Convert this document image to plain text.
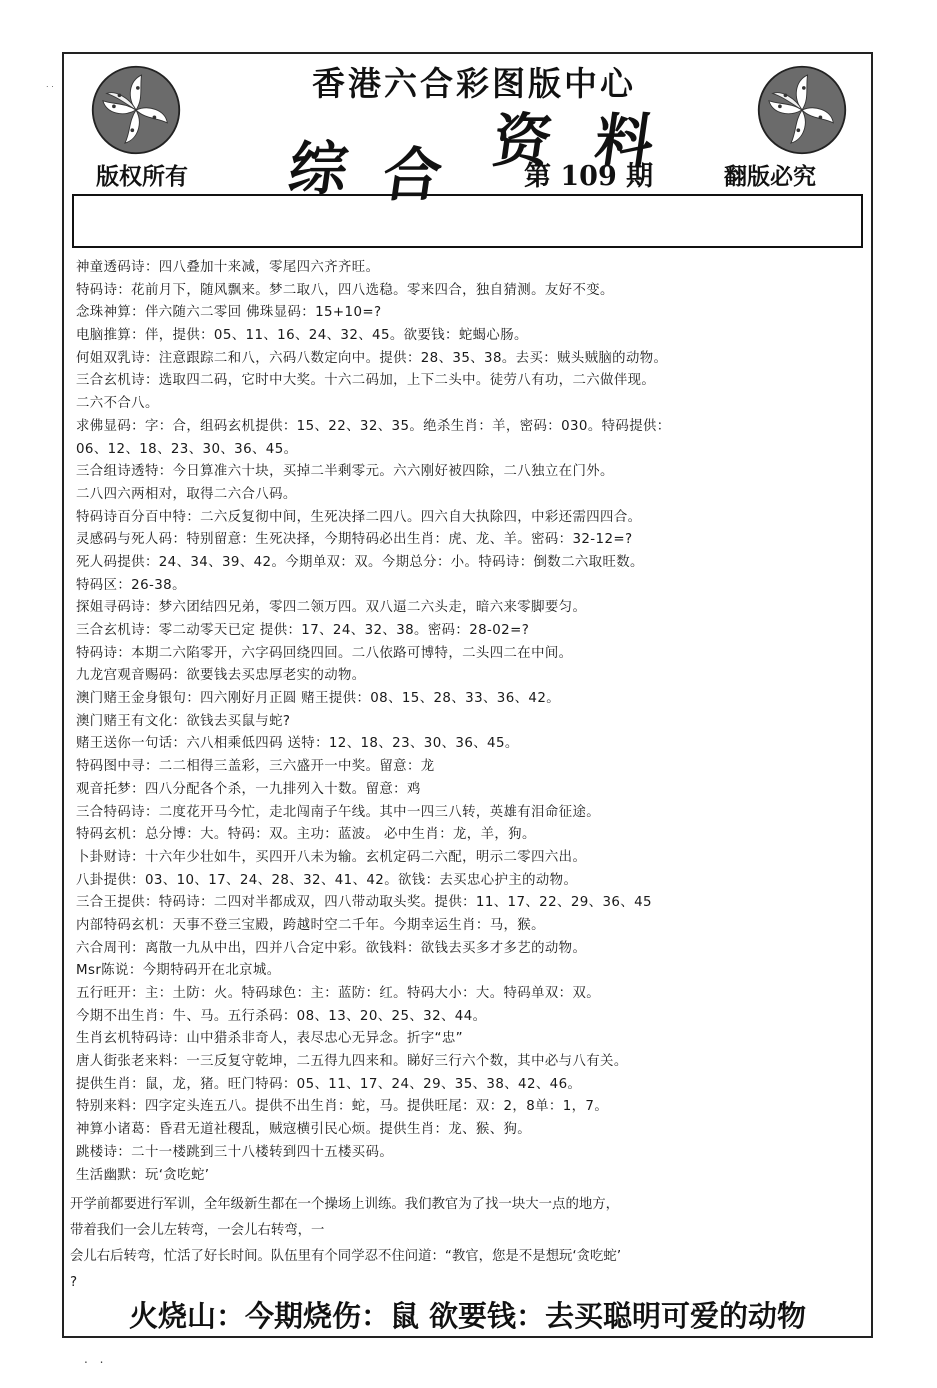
. .	香港六合彩图版中心
综 合 资 料
版权所有	第 109 期	翻版必究
神童透码诗：四八叠加十来减，零尾四六齐齐旺。
特码诗：花前月下，随风飘来。梦二取八，四八选稳。零来四合，独自猜测。友好不变。
念珠神算：伴六随六二零回 佛珠显码：15+10=?
电脑推算：伴，提供：05、11、16、24、32、45。欲要钱：蛇蝎心肠。
何姐双乳诗：注意跟踪二和八，六码八数定向中。提供：28、35、38。去买：贼头贼脑的动物。
三合玄机诗：选取四二码，它时中大奖。十六二码加，上下二头中。徒劳八有功，二六做伴现。
二六不合八。
求佛显码：字：合，组码玄机提供：15、22、32、35。绝杀生肖：羊，密码：030。特码提供：
06、12、18、23、30、36、45。
三合组诗透特：今日算准六十块，买掉二半剩零元。六六刚好被四除，二八独立在门外。
二八四六两相对，取得二六合八码。
特码诗百分百中特：二六反复彻中间，生死决择二四八。四六自大执除四，中彩还需四四合。
灵感码与死人码：特别留意：生死决择，今期特码必出生肖：虎、龙、羊。密码：32-12=?
死人码提供：24、34、39、42。今期单双：双。今期总分：小。特码诗：倒数二六取旺数。
特码区：26-38。
探姐寻码诗：梦六团结四兄弟，零四二领万四。双八逼二六头走，暗六来零脚要匀。
三合玄机诗：零二动零天已定 提供：17、24、32、38。密码：28-02=?
特码诗：本期二六陷零开，六字码回绕四回。二八依路可博特，二头四二在中间。
九龙宫观音赐码：欲要钱去买忠厚老实的动物。
澳门赌王金身银句：四六刚好月正圆 赌王提供：08、15、28、33、36、42。
澳门赌王有文化：欲钱去买鼠与蛇?
赌王送你一句话：六八相乘低四码 送特：12、18、23、30、36、45。
特码图中寻：二二相得三盖彩，三六盛开一中奖。留意：龙
观音托梦：四八分配各个杀，一九排列入十数。留意：鸡
三合特码诗：二度花开马今忙，走北闯南子午线。其中一四三八转，英雄有泪命征途。
特码玄机：总分博：大。特码：双。主功：蓝波。 必中生肖：龙，羊，狗。
卜卦财诗：十六年少壮如牛，买四开八未为输。玄机定码二六配，明示二零四六出。
八卦提供：03、10、17、24、28、32、41、42。欲钱：去买忠心护主的动物。
三合王提供：特码诗：二四对半都成双，四八带动取头奖。提供：11、17、22、29、36、45
内部特码玄机：天事不登三宝殿，跨越时空二千年。今期幸运生肖：马，猴。
六合周刊：离散一九从中出，四并八合定中彩。欲钱料：欲钱去买多才多艺的动物。
Msr陈说：今期特码开在北京城。
五行旺开：主：土防：火。特码球色：主：蓝防：红。特码大小：大。特码单双：双。
今期不出生肖：牛、马。五行杀码：08、13、20、25、32、44。
生肖玄机特码诗：山中猎杀非奇人，表尽忠心无异念。折字“忠”
唐人街张老来料：一三反复守乾坤，二五得九四来和。睇好三行六个数，其中必与八有关。
提供生肖：鼠，龙，猪。旺门特码：05、11、17、24、29、35、38、42、46。
特别来料：四字定头连五八。提供不出生肖：蛇，马。提供旺尾：双：2，8单：1，7。
神算小诸葛：昏君无道社稷乱，贼寇横引民心烦。提供生肖：龙、猴、狗。
跳楼诗：二十一楼跳到三十八楼转到四十五楼买码。
生活幽默：玩‘贪吃蛇’
开学前都要进行军训，全年级新生都在一个操场上训练。我们教官为了找一块大一点的地方，
带着我们一会儿左转弯，一会儿右转弯，一
会儿右后转弯，忙活了好长时间。队伍里有个同学忍不住问道：“教官，您是不是想玩‘贪吃蛇’
?
火烧山：今期烧伤：鼠 欲要钱：去买聪明可爱的动物
. .
